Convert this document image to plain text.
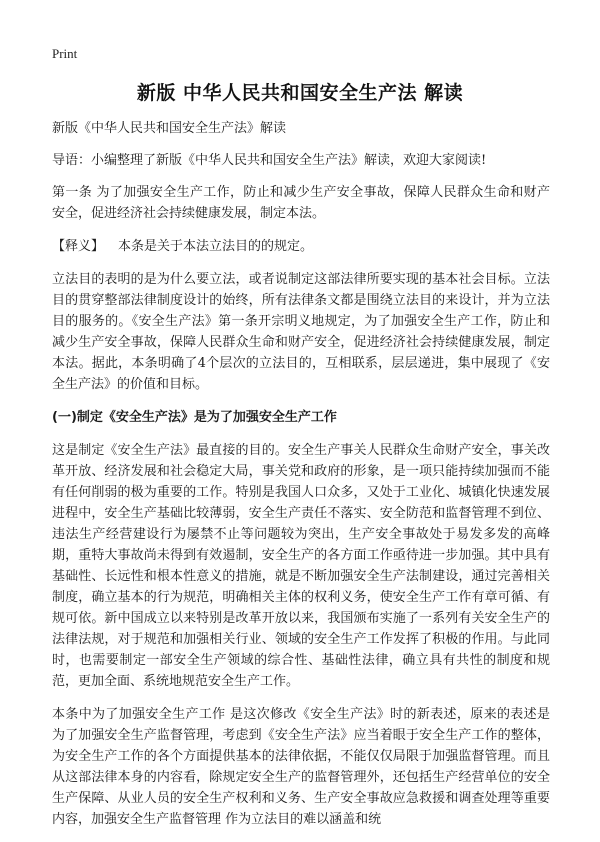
Print
新版 中华人民共和国安全生产法 解读

新版《中华人民共和国安全生产法》解读

导语：小编整理了新版《中华人民共和国安全生产法》解读，欢迎大家阅读!

第一条 为了加强安全生产工作，防止和减少生产安全事故，保障人民群众生命和财产安全，促进经济社会持续健康发展，制定本法。

【释义】 本条是关于本法立法目的的规定。

立法目的表明的是为什么要立法，或者说制定这部法律所要实现的基本社会目标。立法目的贯穿整部法律制度设计的始终，所有法律条文都是围绕立法目的来设计，并为立法目的服务的。《安全生产法》第一条开宗明义地规定，为了加强安全生产工作，防止和减少生产安全事故，保障人民群众生命和财产安全，促进经济社会持续健康发展，制定本法。据此，本条明确了4个层次的立法目的，互相联系，层层递进，集中展现了《安全生产法》的价值和目标。

(一)制定《安全生产法》是为了加强安全生产工作

这是制定《安全生产法》最直接的目的。安全生产事关人民群众生命财产安全，事关改革开放、经济发展和社会稳定大局，事关党和政府的形象，是一项只能持续加强而不能有任何削弱的极为重要的工作。特别是我国人口众多，又处于工业化、城镇化快速发展进程中，安全生产基础比较薄弱，安全生产责任不落实、安全防范和监督管理不到位、违法生产经营建设行为屡禁不止等问题较为突出，生产安全事故处于易发多发的高峰期，重特大事故尚未得到有效遏制，安全生产的各方面工作亟待进一步加强。其中具有基础性、长远性和根本性意义的措施，就是不断加强安全生产法制建设，通过完善相关制度，确立基本的行为规范，明确相关主体的权利义务，使安全生产工作有章可循、有规可依。新中国成立以来特别是改革开放以来，我国颁布实施了一系列有关安全生产的法律法规，对于规范和加强相关行业、领域的安全生产工作发挥了积极的作用。与此同时，也需要制定一部安全生产领域的综合性、基础性法律，确立具有共性的制度和规范，更加全面、系统地规范安全生产工作。

本条中为了加强安全生产工作 是这次修改《安全生产法》时的新表述，原来的表述是为了加强安全生产监督管理，考虑到《安全生产法》应当着眼于安全生产工作的整体，为安全生产工作的各个方面提供基本的法律依据，不能仅仅局限于加强监督管理。而且从这部法律本身的内容看，除规定安全生产的监督管理外，还包括生产经营单位的安全生产保障、从业人员的安全生产权利和义务、生产安全事故应急救援和调查处理等重要内容，加强安全生产监督管理 作为立法目的难以涵盖和统
